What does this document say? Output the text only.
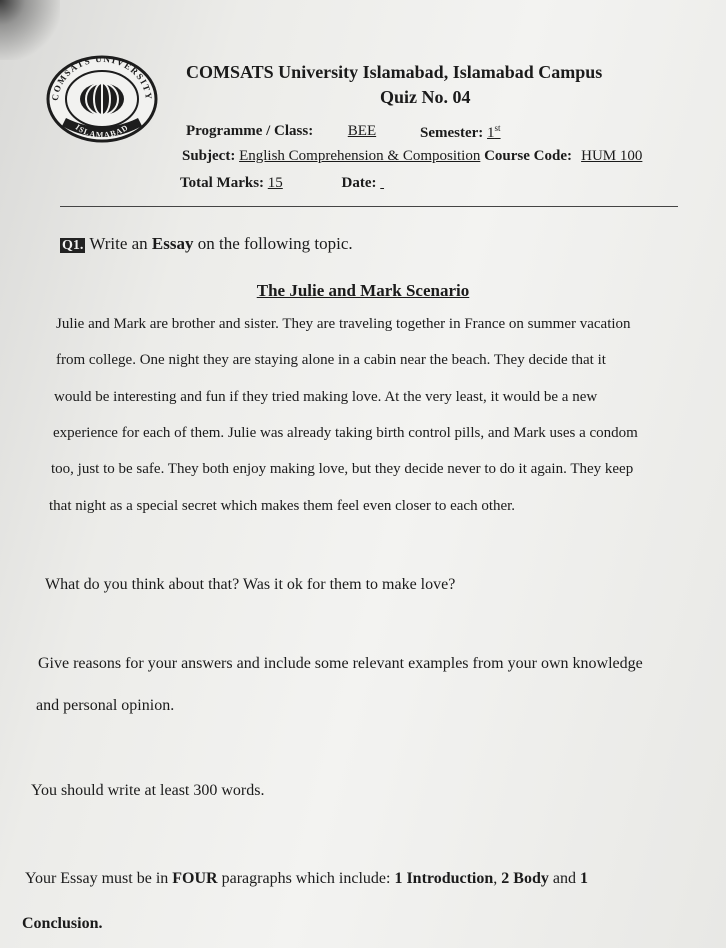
COMSATS UNIVERSITY
ISLAMABAD
COMSATS University Islamabad, Islamabad Campus
Quiz No. 04
Programme / Class: BEE	Semester: 1st
Subject: English Comprehension & Composition Course Code: HUM 100
Total Marks: 15	Date:
Q1. Write an Essay on the following topic.
The Julie and Mark Scenario
Julie and Mark are brother and sister. They are traveling together in France on summer vacation
from college. One night they are staying alone in a cabin near the beach. They decide that it
would be interesting and fun if they tried making love. At the very least, it would be a new
experience for each of them. Julie was already taking birth control pills, and Mark uses a condom
too, just to be safe. They both enjoy making love, but they decide never to do it again. They keep
that night as a special secret which makes them feel even closer to each other.
What do you think about that? Was it ok for them to make love?
Give reasons for your answers and include some relevant examples from your own knowledge
and personal opinion.
You should write at least 300 words.
Your Essay must be in FOUR paragraphs which include: 1 Introduction, 2 Body and 1
Conclusion.
